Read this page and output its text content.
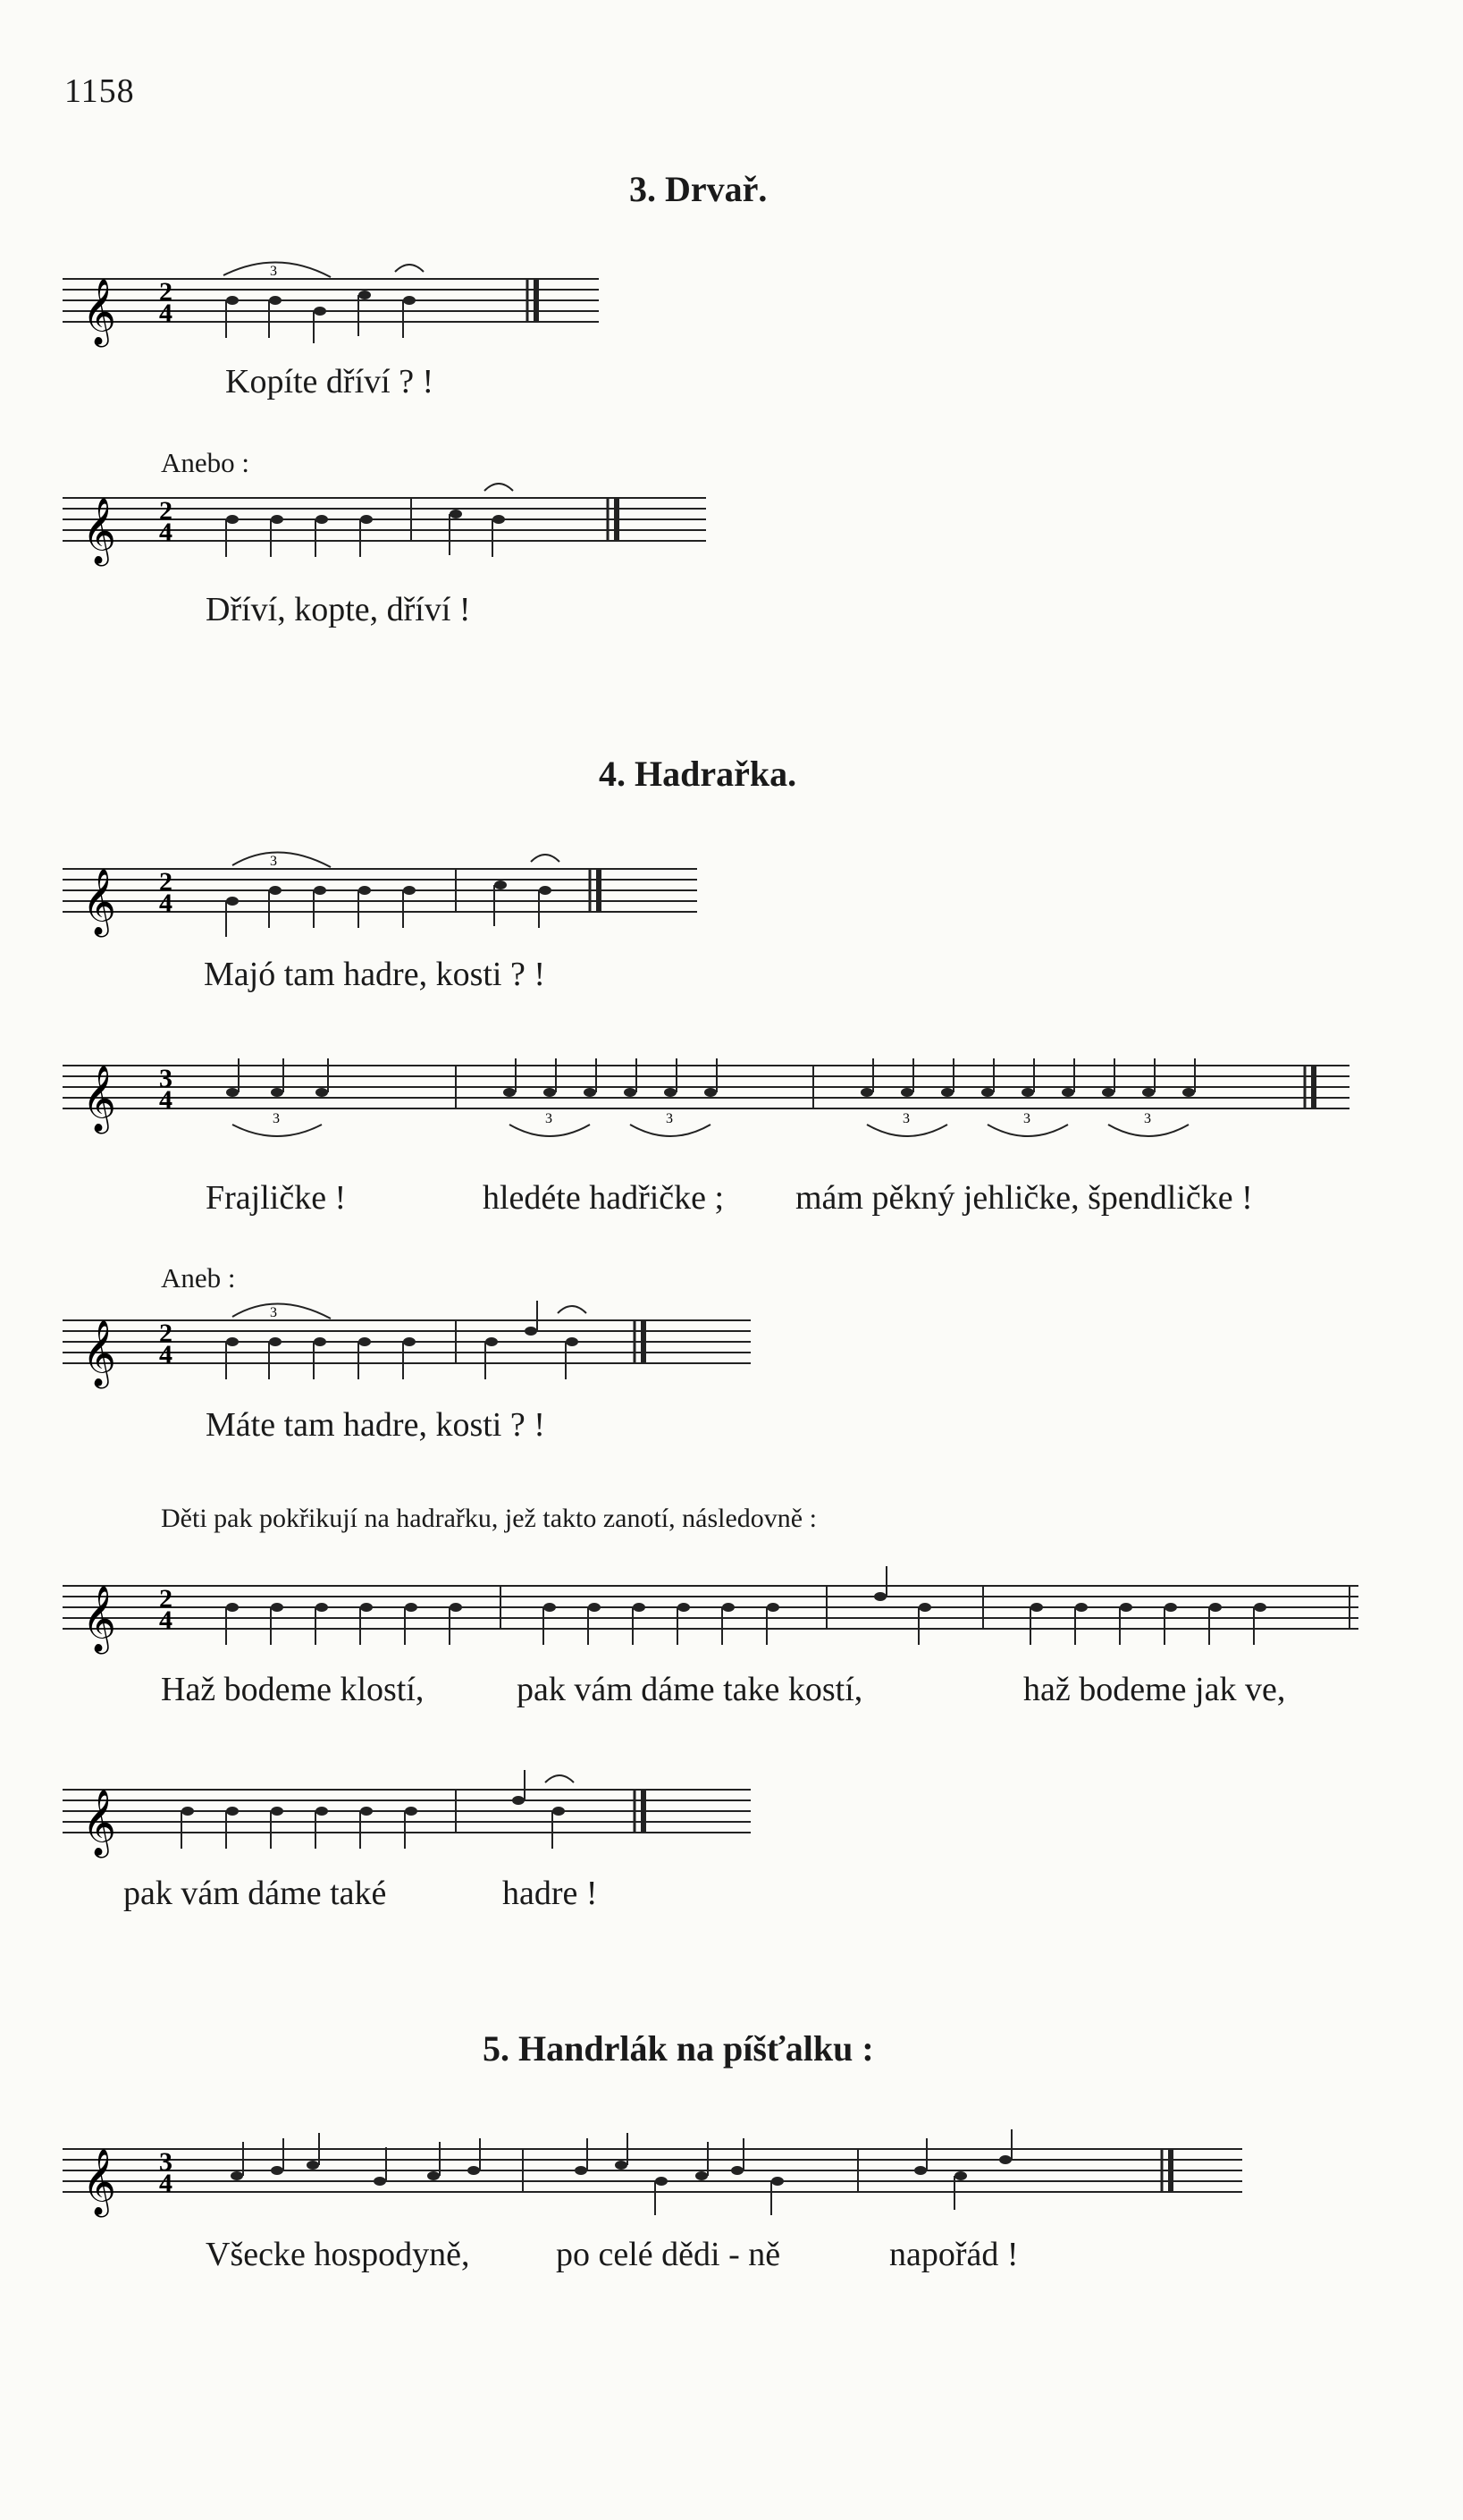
1158
3. Drvař.
𝄞 2
4
3
Kopíte dříví ? !
Anebo :
𝄞 2
4
Dříví, kopte, dříví !
4. Hadrařka.
𝄞 2
4
3
Majó tam hadre, kosti ? !
𝄞 3
4
3	3	3	3	3	3
Frajličke !	hledéte hadřičke ; mám pěkný jehličke, špendličke !
Aneb :
𝄞 2
4
3
Máte tam hadre, kosti ? !
Děti pak pokřikují na hadrařku, jež takto zanotí, následovně :
𝄞 2
4
Haž bodeme klostí,	pak vám dáme take kostí,	haž bodeme jak ve,
𝄞
pak vám dáme také	hadre !
5. Handrlák na píšťalku :
𝄞 3
4
Všecke hospodyně,	po celé dědi - ně	napořád !
